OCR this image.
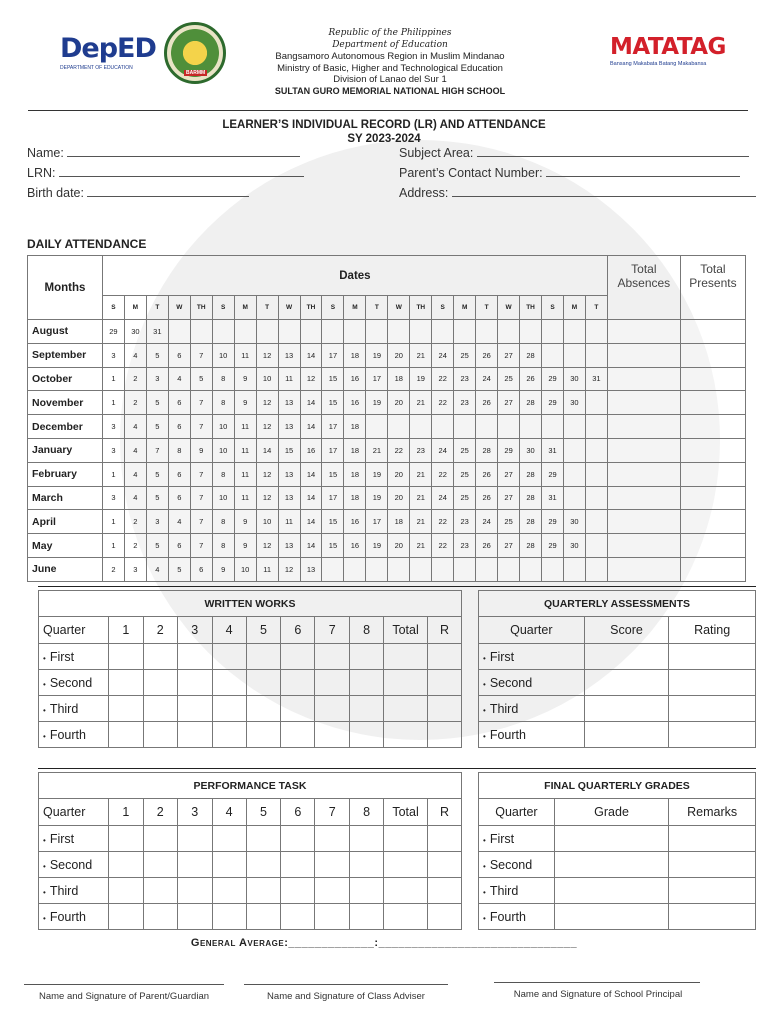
DepED
DEPARTMENT OF EDUCATION
BARMM
Republic of the Philippines
Department of Education
Bangsamoro Autonomous Region in Muslim Mindanao
Ministry of Basic, Higher and Technological Education
Division of Lanao del Sur 1
SULTAN GURO MEMORIAL NATIONAL HIGH SCHOOL
MATATAG
Bansang Makabata Batang Makabansa
LEARNER’S INDIVIDUAL RECORD (LR) AND ATTENDANCE
SY 2023-2024
Name:
LRN:
Birth date:
Subject Area:
Parent’s Contact Number:
Address:
DAILY ATTENDANCE
Months	Dates																							Total Absences	Total Presents
	S	M	T	W	TH	S	M	T	W	TH	S	M	T	W	TH	S	M	T	W	TH	S	M	T		
August	29	30	31																						
September	3	4	5	6	7	10	11	12	13	14	17	18	19	20	21	24	25	26	27	28					
October	1	2	3	4	5	8	9	10	11	12	15	16	17	18	19	22	23	24	25	26	29	30	31		
November	1	2	5	6	7	8	9	12	13	14	15	16	19	20	21	22	23	26	27	28	29	30			
December	3	4	5	6	7	10	11	12	13	14	17	18													
January	3	4	7	8	9	10	11	14	15	16	17	18	21	22	23	24	25	28	29	30	31				
February	1	4	5	6	7	8	11	12	13	14	15	18	19	20	21	22	25	26	27	28	29				
March	3	4	5	6	7	10	11	12	13	14	17	18	19	20	21	24	25	26	27	28	31				
April	1	2	3	4	7	8	9	10	11	14	15	16	17	18	21	22	23	24	25	28	29	30			
May	1	2	5	6	7	8	9	12	13	14	15	16	19	20	21	22	23	26	27	28	29	30			
June	2	3	4	5	6	9	10	11	12	13															
WRITTEN WORKS										
Quarter	1	2	3	4	5	6	7	8	Total	R
• First										
• Second										
• Third										
• Fourth										
QUARTERLY ASSESSMENTS		
Quarter	Score	Rating
• First		
• Second		
• Third		
• Fourth		
PERFORMANCE TASK										
Quarter	1	2	3	4	5	6	7	8	Total	R
• First										
• Second										
• Third										
• Fourth										
FINAL QUARTERLY GRADES		
Quarter	Grade	Remarks
• First		
• Second		
• Third		
• Fourth		
General Average:_____________:______________________________
Name and Signature of Parent/Guardian	Name and Signature of Class Adviser	Name and Signature of School Principal
